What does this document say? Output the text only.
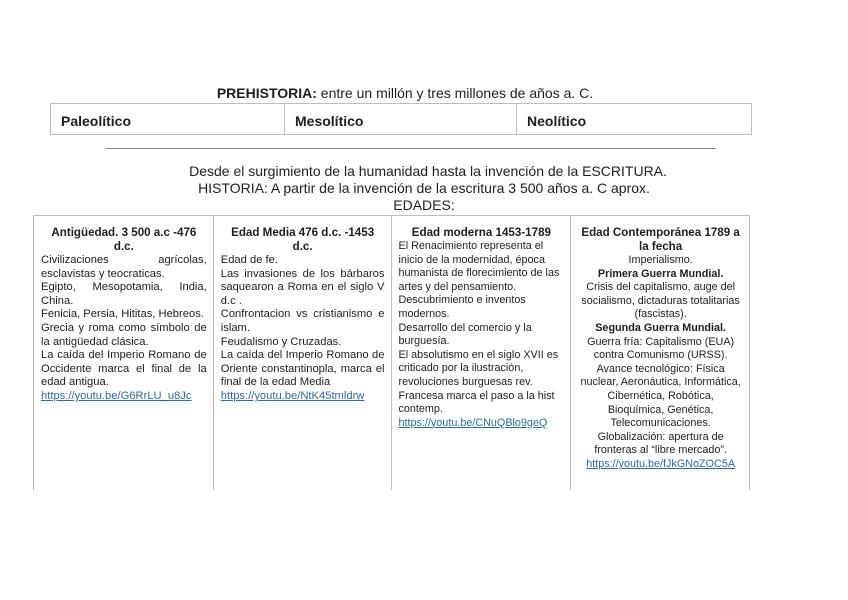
PREHISTORIA: entre un millón y tres millones de años a. C.
Paleolítico	Mesolítico	Neolítico
Desde el surgimiento de la humanidad hasta la invención de la ESCRITURA.
HISTORIA: A partir de la invención de la escritura 3 500 años a. C aprox.
EDADES:
Antigüedad. 3 500 a.c -476 d.c.

Civilizaciones agrícolas, esclavistas y teocraticas.

Egipto, Mesopotamia, India, China.

Fenicia, Persia, Hititas, Hebreos.

Grecia y roma como símbolo de la antigüedad clásica.

La caída del Imperio Romano de Occidente marca el final de la edad antigua.

https://youtu.be/G6RrLU_u8Jc

Edad Media 476 d.c. -1453 d.c.

Edad de fe.

Las invasiones de los bárbaros saquearon a Roma en el siglo V d.c .

Confrontacion vs cristianismo e islam.

Feudalismo y Cruzadas.

La caída del Imperio Romano de Oriente constantinopla, marca el final de la edad Media

https://youtu.be/NtK45tmldrw

Edad moderna 1453-1789

El Renacimiento representa el inicio de la modernidad, época humanista de florecimiento de las artes y del pensamiento.

Descubrimiento e inventos modernos.

Desarrollo del comercio y la burguesía.

El absolutismo en el siglo XVII es criticado por la ilustración, revoluciones burguesas rev.

Francesa marca el paso a la hist contemp.

https://youtu.be/CNuQBlo9geQ

Edad Contemporánea 1789 a la fecha

Imperialismo.

Primera Guerra Mundial.

Crisis del capitalismo, auge del socialismo, dictaduras totalitarias (fascistas).

Segunda Guerra Mundial.

Guerra fría: Capitalismo (EUA) contra Comunismo (URSS).

Avance tecnológico: Física nuclear, Aeronáutica, Informática, Cibernética, Robótica, Bioquímica, Genética, Telecomunicaciones.

Globalización: apertura de fronteras al “libre mercado”.

https://youtu.be/fJkGNoZOC5A
